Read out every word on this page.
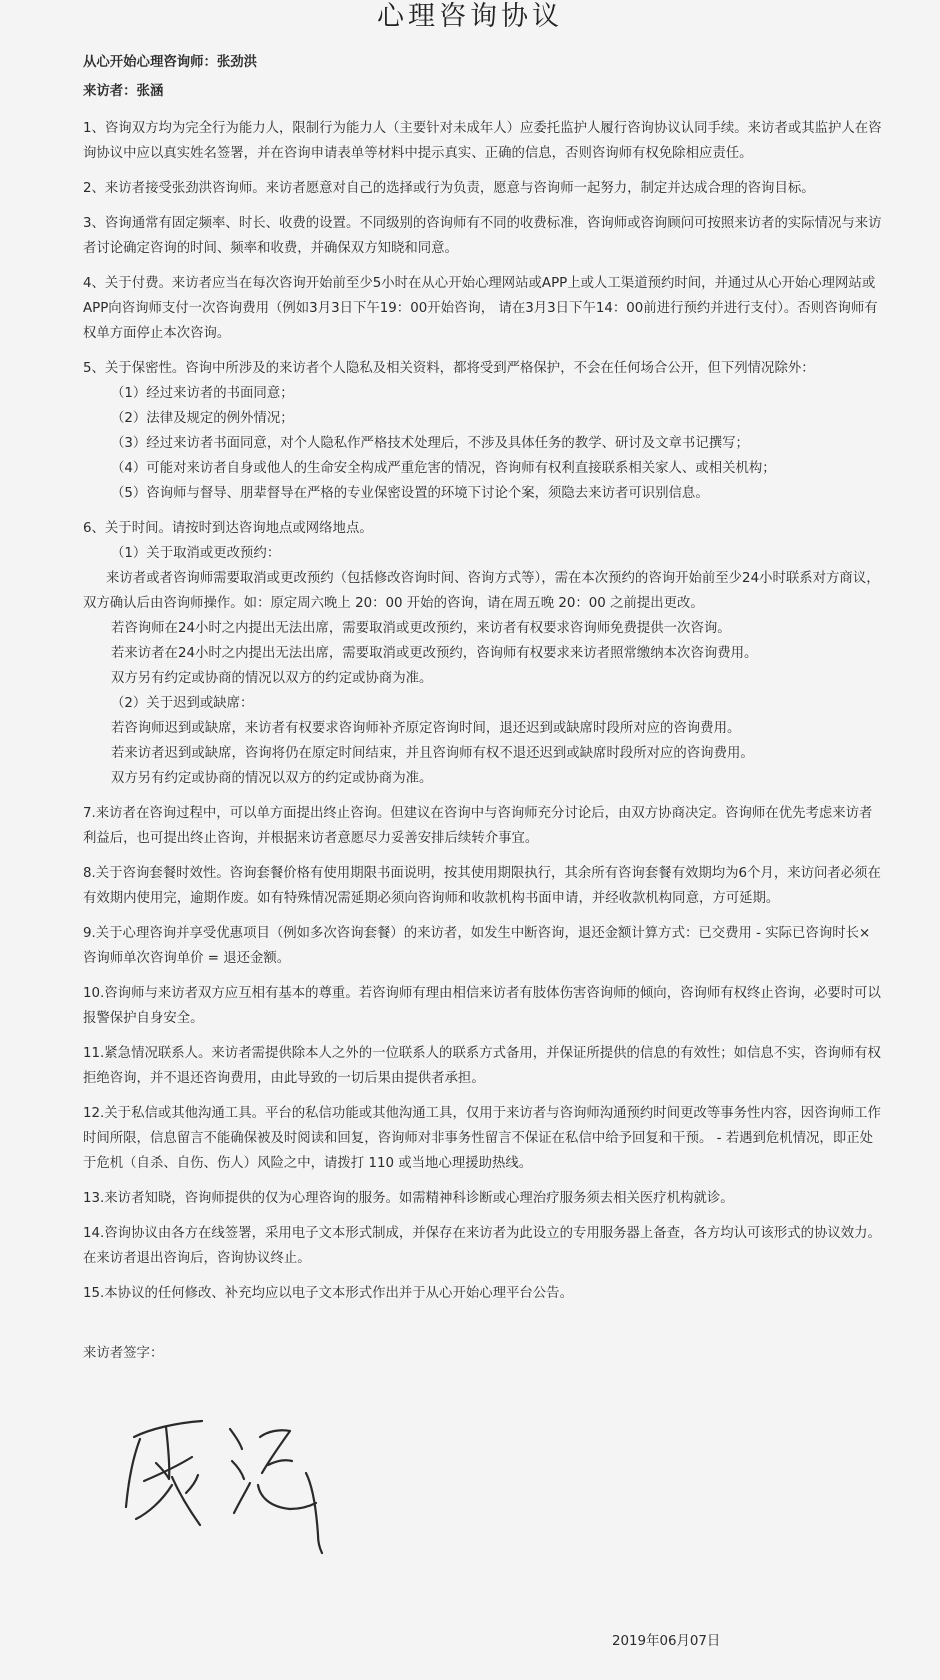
心理咨询协议

从心开始心理咨询师：张劲洪

来访者：张涵

1、咨询双方均为完全行为能力人，限制行为能力人（主要针对未成年人）应委托监护人履行咨询协议认同手续。来访者或其监护人在咨询协议中应以真实姓名签署，并在咨询申请表单等材料中提示真实、正确的信息，否则咨询师有权免除相应责任。

2、来访者接受张劲洪咨询师。来访者愿意对自己的选择或行为负责，愿意与咨询师一起努力，制定并达成合理的咨询目标。

3、咨询通常有固定频率、时长、收费的设置。不同级别的咨询师有不同的收费标准，咨询师或咨询顾问可按照来访者的实际情况与来访者讨论确定咨询的时间、频率和收费，并确保双方知晓和同意。

4、关于付费。来访者应当在每次咨询开始前至少5小时在从心开始心理网站或APP上或人工渠道预约时间，并通过从心开始心理网站或APP向咨询师支付一次咨询费用（例如3月3日下午19：00开始咨询， 请在3月3日下午14：00前进行预约并进行支付）。否则咨询师有权单方面停止本次咨询。

5、关于保密性。咨询中所涉及的来访者个人隐私及相关资料，都将受到严格保护，不会在任何场合公开，但下列情况除外：

（1）经过来访者的书面同意；

（2）法律及规定的例外情况；

（3）经过来访者书面同意，对个人隐私作严格技术处理后，不涉及具体任务的教学、研讨及文章书记撰写；

（4）可能对来访者自身或他人的生命安全构成严重危害的情况，咨询师有权利直接联系相关家人、或相关机构；

（5）咨询师与督导、朋辈督导在严格的专业保密设置的环境下讨论个案，须隐去来访者可识别信息。

6、关于时间。请按时到达咨询地点或网络地点。

（1）关于取消或更改预约：

来访者或者咨询师需要取消或更改预约（包括修改咨询时间、咨询方式等），需在本次预约的咨询开始前至少24小时联系对方商议，双方确认后由咨询师操作。如：原定周六晚上 20：00 开始的咨询，请在周五晚 20：00 之前提出更改。

若咨询师在24小时之内提出无法出席，需要取消或更改预约，来访者有权要求咨询师免费提供一次咨询。

若来访者在24小时之内提出无法出席，需要取消或更改预约，咨询师有权要求来访者照常缴纳本次咨询费用。

双方另有约定或协商的情况以双方的约定或协商为准。

（2）关于迟到或缺席：

若咨询师迟到或缺席，来访者有权要求咨询师补齐原定咨询时间，退还迟到或缺席时段所对应的咨询费用。

若来访者迟到或缺席，咨询将仍在原定时间结束，并且咨询师有权不退还迟到或缺席时段所对应的咨询费用。

双方另有约定或协商的情况以双方的约定或协商为准。

7.来访者在咨询过程中，可以单方面提出终止咨询。但建议在咨询中与咨询师充分讨论后，由双方协商决定。咨询师在优先考虑来访者利益后，也可提出终止咨询，并根据来访者意愿尽力妥善安排后续转介事宜。

8.关于咨询套餐时效性。咨询套餐价格有使用期限书面说明，按其使用期限执行，其余所有咨询套餐有效期均为6个月，来访问者必须在有效期内使用完，逾期作废。如有特殊情况需延期必须向咨询师和收款机构书面申请，并经收款机构同意，方可延期。

9.关于心理咨询并享受优惠项目（例如多次咨询套餐）的来访者，如发生中断咨询，退还金额计算方式：已交费用 - 实际已咨询时长×咨询师单次咨询单价 = 退还金额。

10.咨询师与来访者双方应互相有基本的尊重。若咨询师有理由相信来访者有肢体伤害咨询师的倾向，咨询师有权终止咨询，必要时可以报警保护自身安全。

11.紧急情况联系人。来访者需提供除本人之外的一位联系人的联系方式备用，并保证所提供的信息的有效性；如信息不实，咨询师有权拒绝咨询，并不退还咨询费用，由此导致的一切后果由提供者承担。

12.关于私信或其他沟通工具。平台的私信功能或其他沟通工具，仅用于来访者与咨询师沟通预约时间更改等事务性内容，因咨询师工作时间所限，信息留言不能确保被及时阅读和回复，咨询师对非事务性留言不保证在私信中给予回复和干预。 - 若遇到危机情况，即正处于危机（自杀、自伤、伤人）风险之中，请拨打 110 或当地心理援助热线。

13.来访者知晓，咨询师提供的仅为心理咨询的服务。如需精神科诊断或心理治疗服务须去相关医疗机构就诊。

14.咨询协议由各方在线签署，采用电子文本形式制成，并保存在来访者为此设立的专用服务器上备查，各方均认可该形式的协议效力。在来访者退出咨询后，咨询协议终止。

15.本协议的任何修改、补充均应以电子文本形式作出并于从心开始心理平台公告。

来访者签字：
2019年06月07日
